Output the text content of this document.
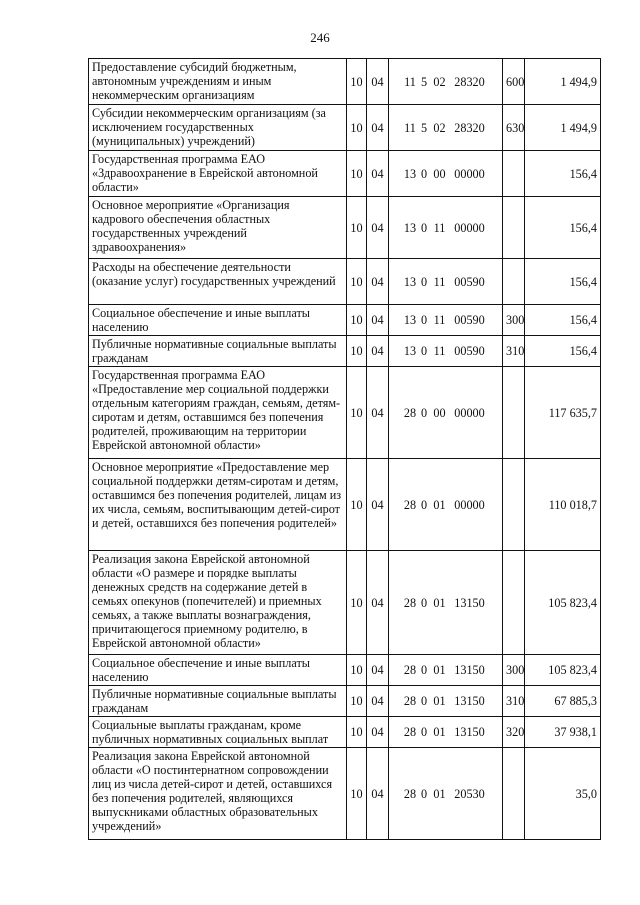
246
Предоставление субсидий бюджетным, автономным учреждениям и иным некоммерческим организациям	10	04	11 5 02 28320	600	1 494,9
Субсидии некоммерческим организациям (за исключением государственных (муниципальных) учреждений)	10	04	11 5 02 28320	630	1 494,9
Государственная программа ЕАО «Здравоохранение в Еврейской автономной области»	10	04	13 0 00 00000		156,4
Основное мероприятие «Организация кадрового обеспечения областных государственных учреждений здравоохранения»	10	04	13 0 11 00000		156,4
Расходы на обеспечение деятельности (оказание услуг) государственных учреждений	10	04	13 0 11 00590		156,4
Социальное обеспечение и иные выплаты населению	10	04	13 0 11 00590	300	156,4
Публичные нормативные социальные выплаты гражданам	10	04	13 0 11 00590	310	156,4
Государственная программа ЕАО «Предоставление мер социальной поддержки отдельным категориям граждан, семьям, детям-сиротам и детям, оставшимся без попечения родителей, проживающим на территории Еврейской автономной области»	10	04	28 0 00 00000		117 635,7
Основное мероприятие «Предоставление мер социальной поддержки детям-сиротам и детям, оставшимся без попечения родителей, лицам из их числа, семьям, воспитывающим детей-сирот и детей, оставшихся без попечения родителей»	10	04	28 0 01 00000		110 018,7
Реализация закона Еврейской автономной области «О размере и порядке выплаты денежных средств на содержание детей в семьях опекунов (попечителей) и приемных семьях, а также выплаты вознаграждения, причитающегося приемному родителю, в Еврейской автономной области»	10	04	28 0 01 13150		105 823,4
Социальное обеспечение и иные выплаты населению	10	04	28 0 01 13150	300	105 823,4
Публичные нормативные социальные выплаты гражданам	10	04	28 0 01 13150	310	67 885,3
Социальные выплаты гражданам, кроме публичных нормативных социальных выплат	10	04	28 0 01 13150	320	37 938,1
Реализация закона Еврейской автономной области «О постинтернатном сопровождении лиц из числа детей-сирот и детей, оставшихся без попечения родителей, являющихся выпускниками областных образовательных учреждений»	10	04	28 0 01 20530		35,0
